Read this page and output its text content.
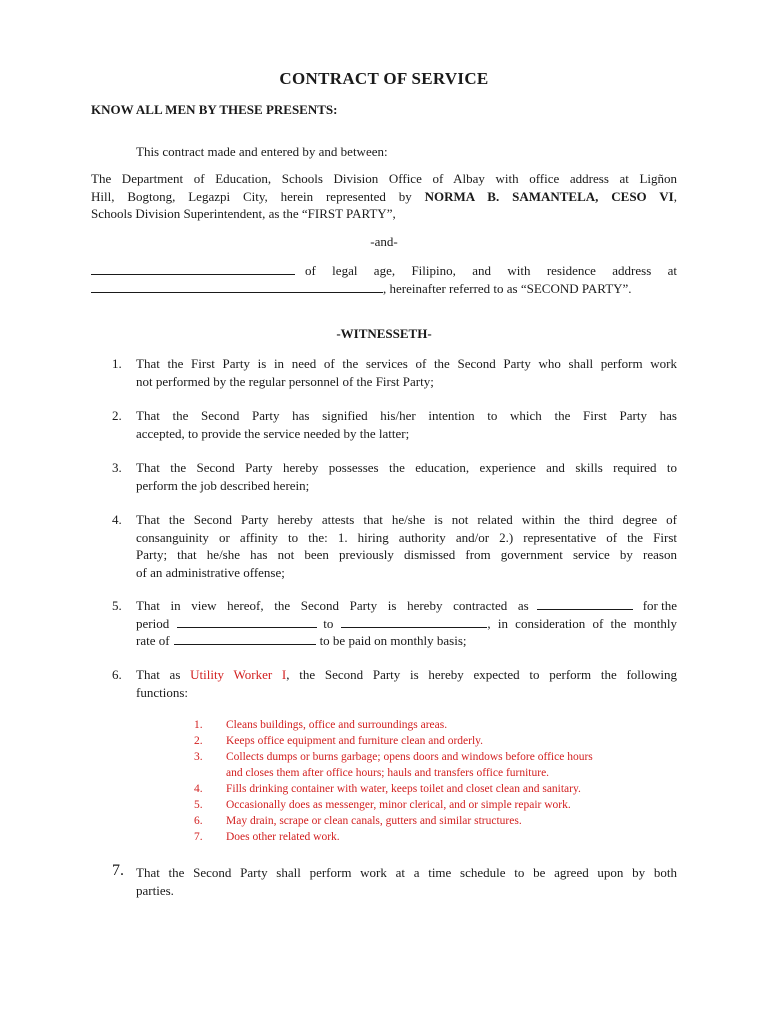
CONTRACT OF SERVICE
KNOW ALL MEN BY THESE PRESENTS:
This contract made and entered by and between:
The Department of Education, Schools Division Office of Albay with office address at Ligñon
Hill, Bogtong, Legazpi City, herein represented by NORMA B. SAMANTELA, CESO VI,
Schools Division Superintendent, as the “FIRST PARTY”,
-and-
of legal age, Filipino, and with residence address at
, hereinafter referred to as “SECOND PARTY”.
-WITNESSETH-
1.	That the First Party is in need of the services of the Second Party who shall perform work
not performed by the regular personnel of the First Party;
2.	That the Second Party has signified his/her intention to which the First Party has
accepted, to provide the service needed by the latter;
3.	That the Second Party hereby possesses the education, experience and skills required to
perform the job described herein;
4.	That the Second Party hereby attests that he/she is not related within the third degree of
consanguinity or affinity to the: 1. hiring authority and/or 2.) representative of the First
Party; that he/she has not been previously dismissed from government service by reason
of an administrative offense;
5.	That in view hereof, the Second Party is hereby contracted as	for the
period	to	, in consideration of the monthly
rate of	to be paid on monthly basis;
6.	That as Utility Worker I, the Second Party is hereby expected to perform the following
functions:
1.	Cleans buildings, office and surroundings areas.
2.	Keeps office equipment and furniture clean and orderly.
3.	Collects dumps or burns garbage; opens doors and windows before office hours
and closes them after office hours; hauls and transfers office furniture.
4.	Fills drinking container with water, keeps toilet and closet clean and sanitary.
5.	Occasionally does as messenger, minor clerical, and or simple repair work.
6.	May drain, scrape or clean canals, gutters and similar structures.
7.	Does other related work.
7. That the Second Party shall perform work at a time schedule to be agreed upon by both
parties.
